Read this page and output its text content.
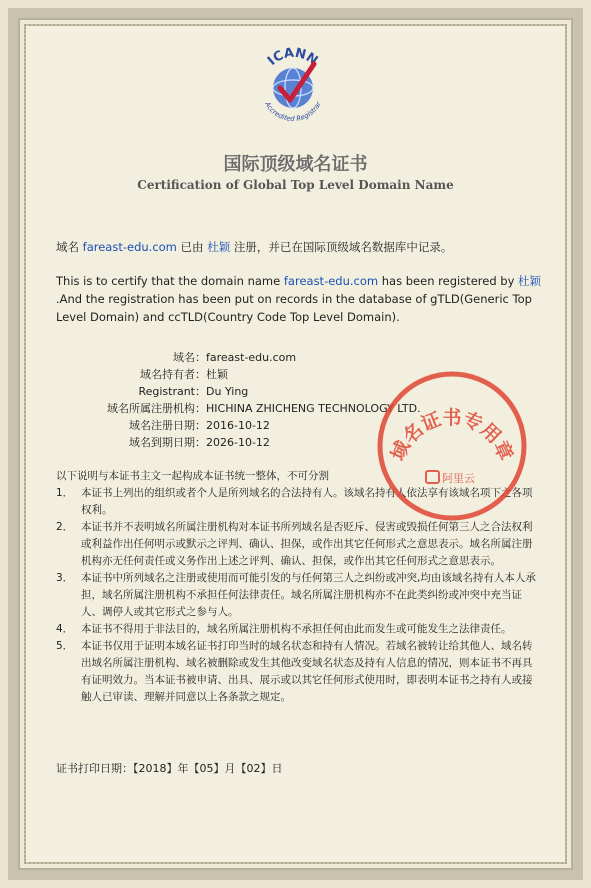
ICANN
Accredited Registrar
国际顶级域名证书
Certification of Global Top Level Domain Name
域名 fareast-edu.com 已由 杜颖 注册，并已在国际顶级域名数据库中记录。
This is to certify that the domain name fareast-edu.com has been registered by 杜颖 .And the registration has been put on records in the database of gTLD(Generic Top Level Domain) and ccTLD(Country Code Top Level Domain).
域名： fareast-edu.com
域名持有者： 杜颖
Registrant： Du Ying
域名所属注册机构： HICHINA ZHICHENG TECHNOLOGY LTD.
域名注册日期： 2016-10-12
域名到期日期： 2026-10-12
以下说明与本证书主文一起构成本证书统一整体，不可分割
1． 本证书上列出的组织或者个人是所列域名的合法持有人。该域名持有人依法享有该域名项下之各项权利。
2． 本证书并不表明域名所属注册机构对本证书所列域名是否贬斥、侵害或毁损任何第三人之合法权利或利益作出任何明示或默示之评判、确认、担保，或作出其它任何形式之意思表示。域名所属注册机构亦无任何责任或义务作出上述之评判、确认、担保，或作出其它任何形式之意思表示。
3． 本证书中所列域名之注册或使用而可能引发的与任何第三人之纠纷或冲突,均由该域名持有人本人承担，域名所属注册机构不承担任何法律责任。域名所属注册机构亦不在此类纠纷或冲突中充当证人、调停人或其它形式之参与人。
4． 本证书不得用于非法目的，域名所属注册机构不承担任何由此而发生或可能发生之法律责任。
5． 本证书仅用于证明本域名证书打印当时的域名状态和持有人情况。若域名被转让给其他人、域名转出域名所属注册机构、域名被删除或发生其他改变域名状态及持有人信息的情况，则本证书不再具有证明效力。当本证书被申请、出具、展示或以其它任何形式使用时，即表明本证书之持有人或接触人已审读、理解并同意以上各条款之规定。
证书打印日期：【2018】年【05】月【02】日
域名证书专用章
阿里云
